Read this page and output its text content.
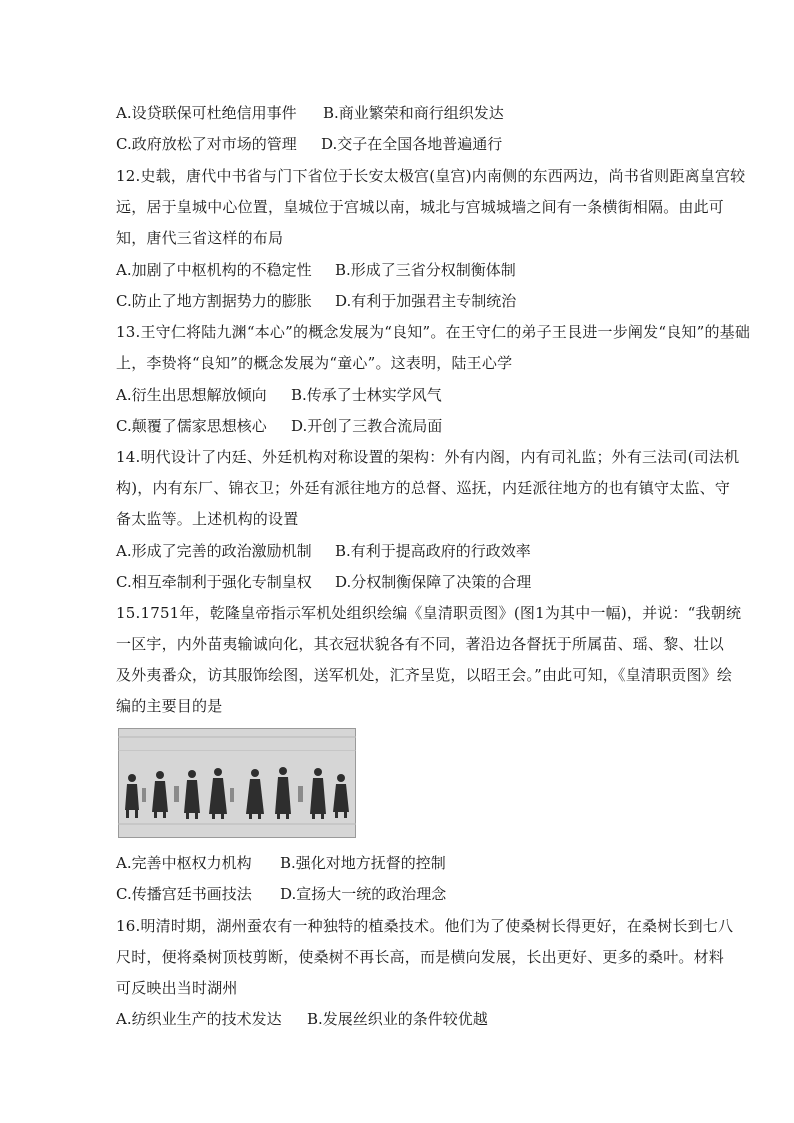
A.设贷联保可杜绝信用事件 B.商业繁荣和商行组织发达
C.政府放松了对市场的管理 D.交子在全国各地普遍通行
12.史载，唐代中书省与门下省位于长安太极宫(皇宫)内南侧的东西两边，尚书省则距离皇宫较
远，居于皇城中心位置，皇城位于宫城以南，城北与宫城城墙之间有一条横街相隔。由此可
知，唐代三省这样的布局
A.加剧了中枢机构的不稳定性 B.形成了三省分权制衡体制
C.防止了地方割据势力的膨胀 D.有利于加强君主专制统治
13.王守仁将陆九渊“本心”的概念发展为“良知”。在王守仁的弟子王艮进一步阐发“良知”的基础
上，李贽将“良知”的概念发展为“童心”。这表明，陆王心学
A.衍生出思想解放倾向 B.传承了士林实学风气
C.颠覆了儒家思想核心 D.开创了三教合流局面
14.明代设计了内廷、外廷机构对称设置的架构：外有内阁，内有司礼监；外有三法司(司法机
构)，内有东厂、锦衣卫；外廷有派往地方的总督、巡抚，内廷派往地方的也有镇守太监、守
备太监等。上述机构的设置
A.形成了完善的政治激励机制 B.有利于提高政府的行政效率
C.相互牵制利于强化专制皇权 D.分权制衡保障了决策的合理
15.1751年，乾隆皇帝指示军机处组织绘编《皇清职贡图》(图1为其中一幅)，并说：“我朝统
一区宇，内外苗夷输诚向化，其衣冠状貌各有不同，著沿边各督抚于所属苗、瑶、黎、壮以
及外夷番众，访其服饰绘图，送军机处，汇齐呈览，以昭王会。”由此可知，《皇清职贡图》绘
编的主要目的是
A.完善中枢权力机构 B.强化对地方抚督的控制
C.传播宫廷书画技法 D.宣扬大一统的政治理念
16.明清时期，湖州蚕农有一种独特的植桑技术。他们为了使桑树长得更好，在桑树长到七八
尺时，便将桑树顶枝剪断，使桑树不再长高，而是横向发展，长出更好、更多的桑叶。材料
可反映出当时湖州
A.纺织业生产的技术发达 B.发展丝织业的条件较优越
